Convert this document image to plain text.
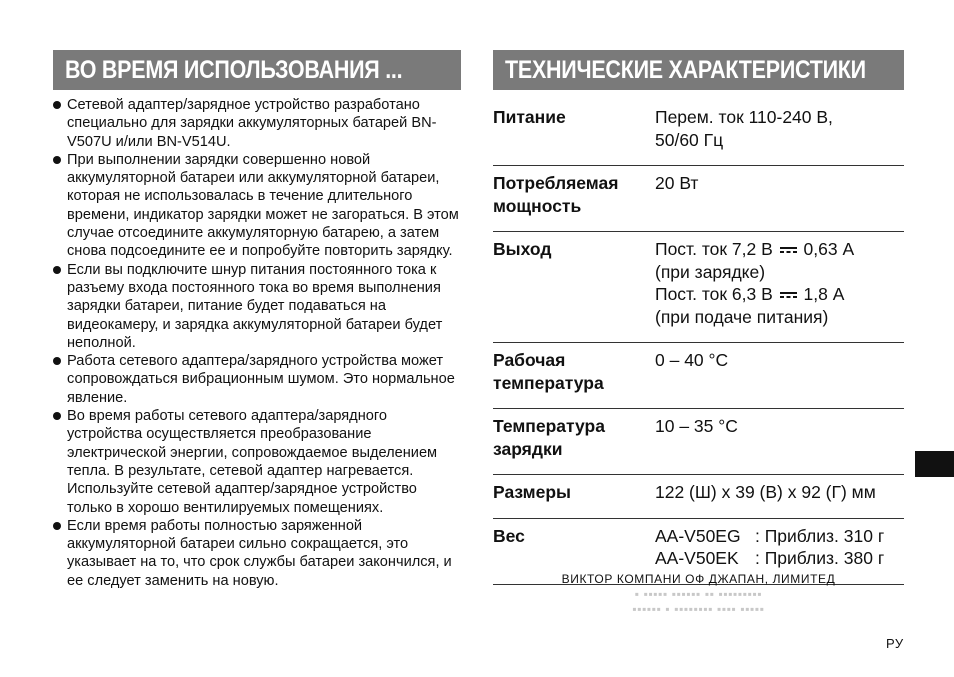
ВО ВРЕМЯ ИСПОЛЬЗОВАНИЯ ...	ТЕХНИЧЕСКИЕ ХАРАКТЕРИСТИКИ
Сетевой адаптер/зарядное устройство разработано специально для зарядки аккумуляторных батарей BN-V507U и/или BN-V514U.
При выполнении зарядки совершенно новой аккумуляторной батареи или аккумуляторной батареи, которая не использовалась в течение длительного времени, индикатор зарядки может не загораться. В этом случае отсоедините аккумуляторную батарею, а затем снова подсоедините ее и попробуйте повторить зарядку.
Если вы подключите шнур питания постоянного тока к разъему входа постоянного тока во время выполнения зарядки батареи, питание будет подаваться на видеокамеру, и зарядка аккумуляторной батареи будет неполной.
Работа сетевого адаптера/зарядного устройства может сопровождаться вибрационным шумом. Это нормальное явление.
Во время работы сетевого адаптера/зарядного устройства осуществляется преобразование электрической энергии, сопровождаемое выделением тепла. В результате, сетевой адаптер нагревается. Используйте сетевой адаптер/зарядное устройство только в хорошо вентилируемых помещениях.
Если время работы полностью заряженной аккумуляторной батареи сильно сокращается, это указывает на то, что срок службы батареи закончился, и ее следует заменить на новую.
Питание	Перем. ток 110-240 В,
50/60 Гц

Потребляемая
мощность	20 Вт
Выход	Пост. ток 7,2 В 0,63 А
(при зарядке)
Пост. ток 6,3 В 1,8 А
(при подаче питания)

Рабочая
температура	0 – 40 °C

Температура
зарядки	10 – 35 °C
Размеры	122 (Ш) х 39 (В) х 92 (Г) мм
Вес	AA-V50EG : Приблиз. 310 г
AA-V50EK : Приблиз. 380 г
ВИКТОР КОМПАНИ ОФ ДЖАПАН, ЛИМИТЕД
▪ ▪▪▪▪▪ ▪▪▪▪▪▪ ▪▪ ▪▪▪▪▪▪▪▪▪
▪▪▪▪▪▪ ▪ ▪▪▪▪▪▪▪▪ ▪▪▪▪ ▪▪▪▪▪
РУ
